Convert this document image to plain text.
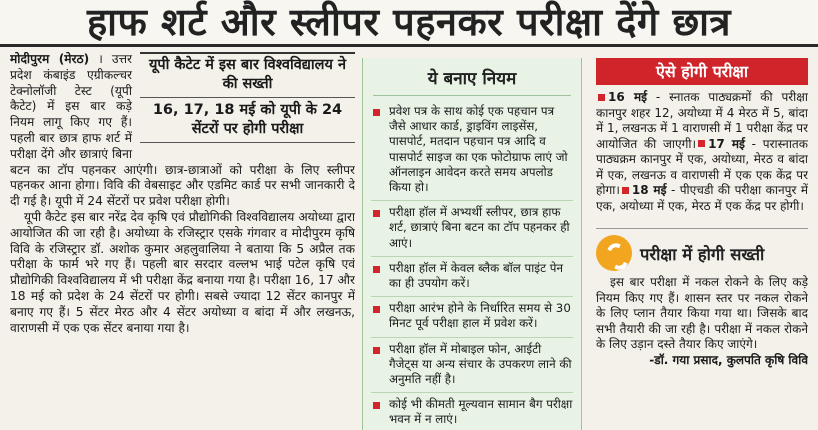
हाफ शर्ट और स्लीपर पहनकर परीक्षा देंगे छात्र
यूपी कैटेट में इस बार विश्वविद्यालय ने की सख्ती
16, 17, 18 मई को यूपी के 24 सेंटरों पर होगी परीक्षा

मोदीपुरम (मेरठ) । उत्तर प्रदेश कंबाइंड एग्रीकल्चर टेक्नोलॉजी टेस्ट (यूपी कैटेट) में इस बार कड़े नियम लागू किए गए हैं। पहली बार छात्र हाफ शर्ट में परीक्षा देंगे और छात्राएं बिना बटन का टॉप पहनकर आएंगी। छात्र-छात्राओं को परीक्षा के लिए स्लीपर पहनकर आना होगा। विवि की वेबसाइट और एडमिट कार्ड पर सभी जानकारी दे दी गई है। यूपी में 24 सेंटरों पर प्रवेश परीक्षा होगी।

यूपी कैटेट इस बार नरेंद्र देव कृषि एवं प्रौद्योगिकी विश्वविद्यालय अयोध्या द्वारा आयोजित की जा रही है। अयोध्या के रजिस्ट्रार एसके गंगवार व मोदीपुरम कृषि विवि के रजिस्ट्रार डॉ. अशोक कुमार अहलुवालिया ने बताया कि 5 अप्रैल तक परीक्षा के फार्म भरे गए हैं। पहली बार सरदार वल्लभ भाई पटेल कृषि एवं प्रौद्योगिकी विश्वविद्यालय में भी परीक्षा केंद्र बनाया गया है। परीक्षा 16, 17 और 18 मई को प्रदेश के 24 सेंटरों पर होगी। सबसे ज्यादा 12 सेंटर कानपुर में बनाए गए हैं। 5 सेंटर मेरठ और 4 सेंटर अयोध्या व बांदा में और लखनऊ, वाराणसी में एक एक सेंटर बनाया गया है।

ये बनाए नियम
प्रवेश पत्र के साथ कोई एक पहचान पत्र जैसे आधार कार्ड, ड्राइविंग लाइसेंस, पासपोर्ट, मतदान पहचान पत्र आदि व पासपोर्ट साइज का एक फोटोग्राफ लाएं जो ऑनलाइन आवेदन करते समय अपलोड किया हो।
परीक्षा हॉल में अभ्यर्थी स्लीपर, छात्र हाफ शर्ट, छात्राएं बिना बटन का टॉप पहनकर ही आएं।
परीक्षा हॉल में केवल ब्लैक बॉल पाइंट पेन का ही उपयोग करें।
परीक्षा आरंभ होने के निर्धारित समय से 30 मिनट पूर्व परीक्षा हाल में प्रवेश करें।
परीक्षा हॉल में मोबाइल फोन, आईटी गैजेट्स या अन्य संचार के उपकरण लाने की अनुमति नहीं है।
कोई भी कीमती मूल्यवान सामान बैग परीक्षा भवन में न लाएं।
ऐसे होगी परीक्षा
16 मई - स्नातक पाठ्यक्रमों की परीक्षा कानपुर शहर 12, अयोध्या में 4 मेरठ में 5, बांदा में 1, लखनऊ में 1 वाराणसी में 1 परीक्षा केंद्र पर आयोजित की जाएगी। 17 मई - परास्नातक पाठ्यक्रम कानपुर में एक, अयोध्या, मेरठ व बांदा में एक, लखनऊ व वाराणसी में एक एक केंद्र पर होगा। 18 मई - पीएचडी की परीक्षा कानपुर में एक, अयोध्या में एक, मेरठ में एक केंद्र पर होगी।
परीक्षा में होगी सख्ती
इस बार परीक्षा में नकल रोकने के लिए कड़े नियम किए गए हैं। शासन स्तर पर नकल रोकने के लिए प्लान तैयार किया गया था। जिसके बाद सभी तैयारी की जा रही है। परीक्षा में नकल रोकने के लिए उड़ान दस्ते तैयार किए जाएंगे।
-डॉ. गया प्रसाद, कुलपति कृषि विवि
